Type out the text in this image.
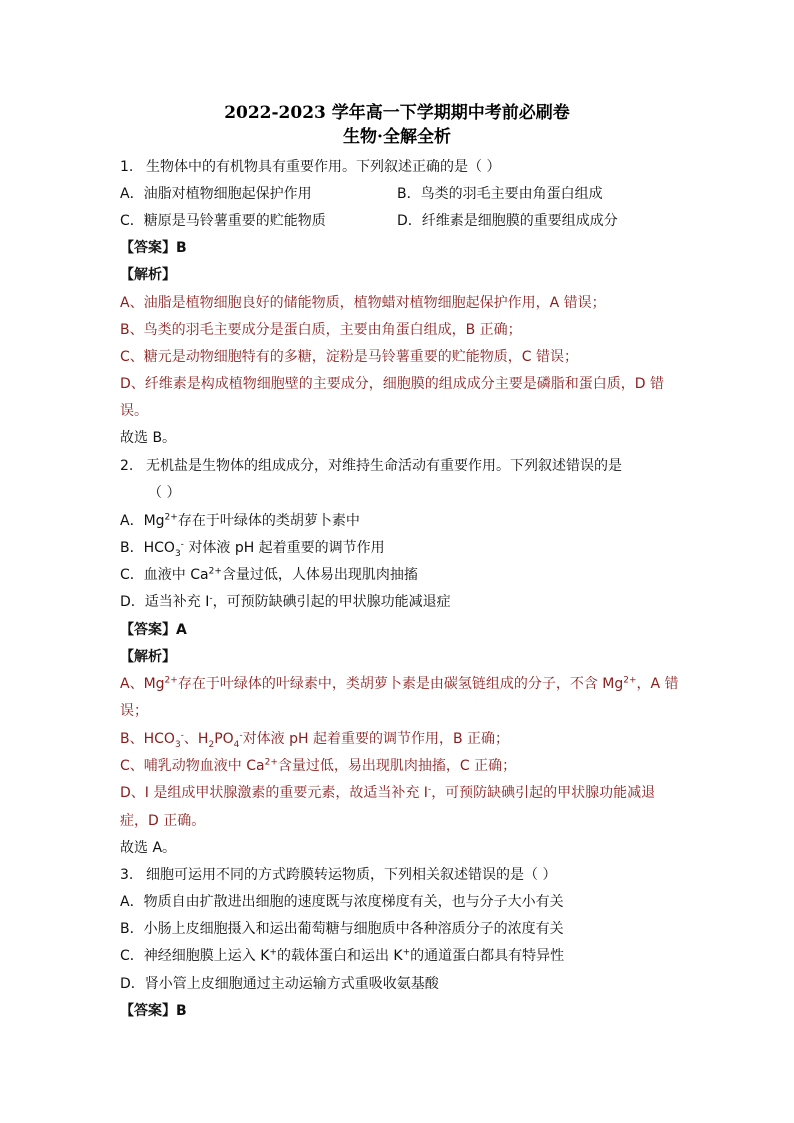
2022-2023 学年高一下学期期中考前必刷卷
生物·全解全析
1. 生物体中的有机物具有重要作用。下列叙述正确的是（ ）
A．油脂对植物细胞起保护作用	B．鸟类的羽毛主要由角蛋白组成
C．糖原是马铃薯重要的贮能物质	D．纤维素是细胞膜的重要组成成分
【答案】B
【解析】
A、油脂是植物细胞良好的储能物质，植物蜡对植物细胞起保护作用，A 错误；
B、鸟类的羽毛主要成分是蛋白质，主要由角蛋白组成，B 正确；
C、糖元是动物细胞特有的多糖，淀粉是马铃薯重要的贮能物质，C 错误；
D、纤维素是构成植物细胞壁的主要成分，细胞膜的组成成分主要是磷脂和蛋白质，D 错
误。
故选 B。
2. 无机盐是生物体的组成成分，对维持生命活动有重要作用。下列叙述错误的是
（ ）
A．$Mg^{2+}$存在于叶绿体的类胡萝卜素中
B．$HCO_3^-$ 对体液 pH 起着重要的调节作用
C．血液中 $Ca^{2+}$含量过低，人体易出现肌肉抽搐
D．适当补充 I-，可预防缺碘引起的甲状腺功能减退症
【答案】A
【解析】
A、$Mg^{2+}$存在于叶绿体的叶绿素中，类胡萝卜素是由碳氢链组成的分子，不含 $Mg^{2+}$，A 错
误；
B、$HCO_3^-$、$H_2PO_4^-$对体液 pH 起着重要的调节作用，B 正确；
C、哺乳动物血液中 $Ca^{2+}$含量过低，易出现肌肉抽搐，C 正确；
D、I 是组成甲状腺激素的重要元素，故适当补充 I-，可预防缺碘引起的甲状腺功能减退
症，D 正确。
故选 A。
3. 细胞可运用不同的方式跨膜转运物质，下列相关叙述错误的是（ ）
A．物质自由扩散进出细胞的速度既与浓度梯度有关，也与分子大小有关
B．小肠上皮细胞摄入和运出葡萄糖与细胞质中各种溶质分子的浓度有关
C．神经细胞膜上运入 K+的载体蛋白和运出 K+的通道蛋白都具有特异性
D．肾小管上皮细胞通过主动运输方式重吸收氨基酸
【答案】B
